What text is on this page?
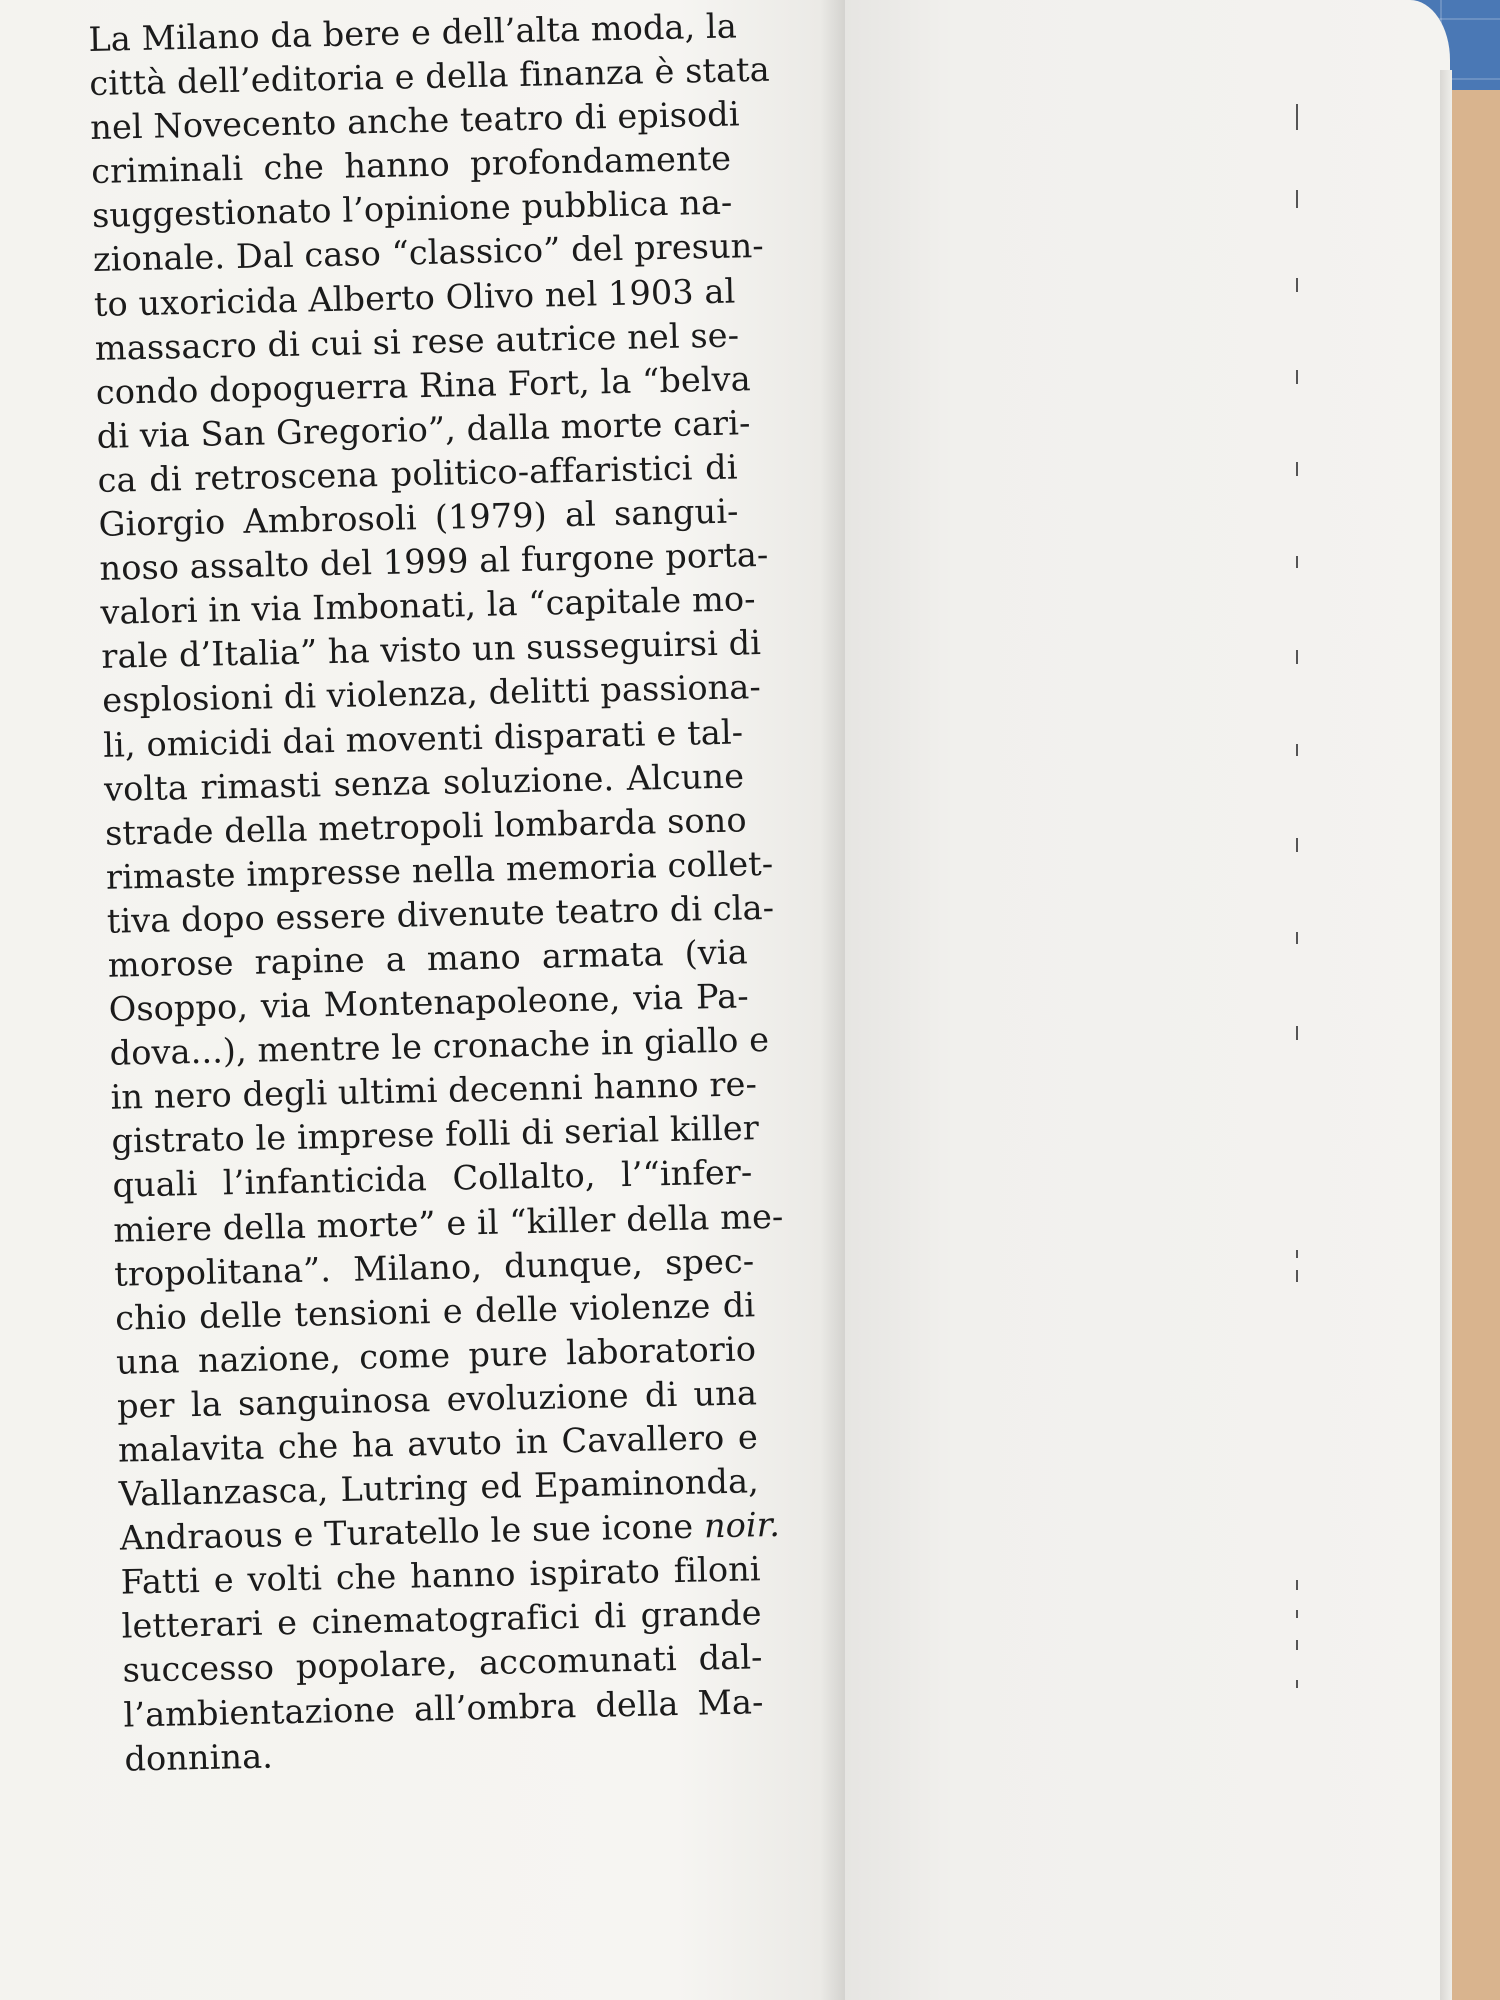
La Milano da bere e dell’alta moda, la
città dell’editoria e della finanza è stata
nel Novecento anche teatro di episodi
criminali che hanno profondamente
suggestionato l’opinione pubblica na-
zionale. Dal caso “classico” del presun-
to uxoricida Alberto Olivo nel 1903 al
massacro di cui si rese autrice nel se-
condo dopoguerra Rina Fort, la “belva
di via San Gregorio”, dalla morte cari-
ca di retroscena politico-affaristici di
Giorgio Ambrosoli (1979) al sangui-
noso assalto del 1999 al furgone porta-
valori in via Imbonati, la “capitale mo-
rale d’Italia” ha visto un susseguirsi di
esplosioni di violenza, delitti passiona-
li, omicidi dai moventi disparati e tal-
volta rimasti senza soluzione. Alcune
strade della metropoli lombarda sono
rimaste impresse nella memoria collet-
tiva dopo essere divenute teatro di cla-
morose rapine a mano armata (via
Osoppo, via Montenapoleone, via Pa-
dova...), mentre le cronache in giallo e
in nero degli ultimi decenni hanno re-
gistrato le imprese folli di serial killer
quali l’infanticida Collalto, l’“infer-
miere della morte” e il “killer della me-
tropolitana”. Milano, dunque, spec-
chio delle tensioni e delle violenze di
una nazione, come pure laboratorio
per la sanguinosa evoluzione di una
malavita che ha avuto in Cavallero e
Vallanzasca, Lutring ed Epaminonda,
Andraous e Turatello le sue icone noir.
Fatti e volti che hanno ispirato filoni
letterari e cinematografici di grande
successo popolare, accomunati dal-
l’ambientazione all’ombra della Ma-
donnina.
